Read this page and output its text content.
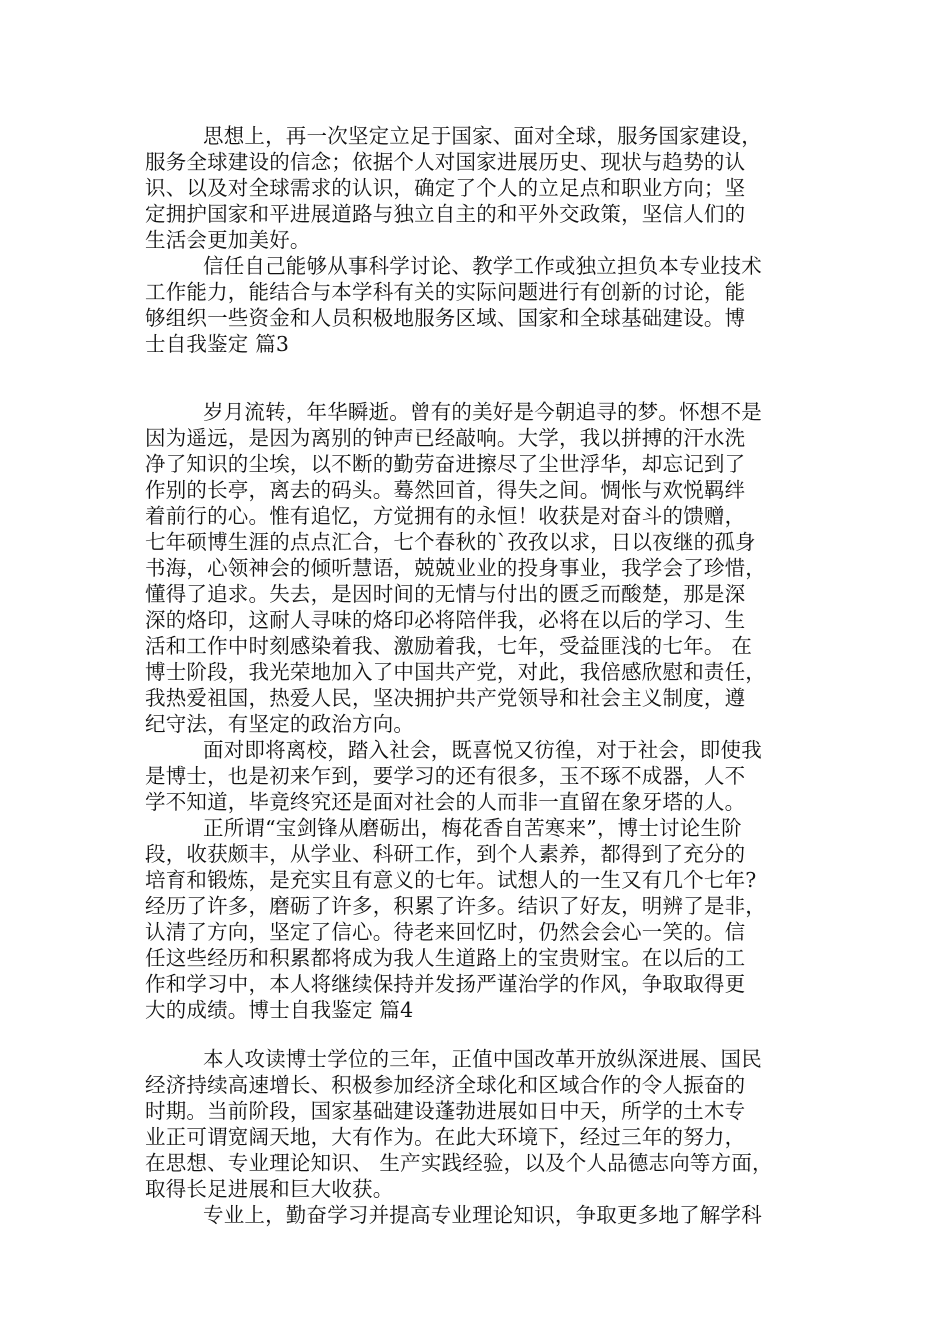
思想上，再一次坚定立足于国家、面对全球，服务国家建设，
服务全球建设的信念；依据个人对国家进展历史、现状与趋势的认
识、以及对全球需求的认识，确定了个人的立足点和职业方向；坚
定拥护国家和平进展道路与独立自主的和平外交政策，坚信人们的
生活会更加美好。
信任自己能够从事科学讨论、教学工作或独立担负本专业技术
工作能力，能结合与本学科有关的实际问题进行有创新的讨论，能
够组织一些资金和人员积极地服务区域、国家和全球基础建设。博
士自我鉴定 篇3
岁月流转，年华瞬逝。曾有的美好是今朝追寻的梦。怀想不是
因为遥远，是因为离别的钟声已经敲响。大学，我以拼搏的汗水洗
净了知识的尘埃，以不断的勤劳奋进擦尽了尘世浮华，却忘记到了
作别的长亭，离去的码头。蓦然回首，得失之间。惆怅与欢悦羁绊
着前行的心。惟有追忆，方觉拥有的永恒！收获是对奋斗的馈赠，
七年硕博生涯的点点汇合，七个春秋的`孜孜以求，日以夜继的孤身
书海，心领神会的倾听慧语，兢兢业业的投身事业，我学会了珍惜，
懂得了追求。失去，是因时间的无情与付出的匮乏而酸楚，那是深
深的烙印，这耐人寻味的烙印必将陪伴我，必将在以后的学习、生
活和工作中时刻感染着我、激励着我，七年，受益匪浅的七年。 在
博士阶段，我光荣地加入了中国共产党，对此，我倍感欣慰和责任，
我热爱祖国，热爱人民，坚决拥护共产党领导和社会主义制度，遵
纪守法，有坚定的政治方向。
面对即将离校，踏入社会，既喜悦又彷徨，对于社会，即使我
是博士，也是初来乍到，要学习的还有很多，玉不琢不成器，人不
学不知道，毕竟终究还是面对社会的人而非一直留在象牙塔的人。
正所谓“宝剑锋从磨砺出，梅花香自苦寒来”，博士讨论生阶
段，收获颇丰，从学业、科研工作，到个人素养，都得到了充分的
培育和锻炼，是充实且有意义的七年。试想人的一生又有几个七年?
经历了许多，磨砺了许多，积累了许多。结识了好友，明辨了是非，
认清了方向，坚定了信心。待老来回忆时，仍然会会心一笑的。信
任这些经历和积累都将成为我人生道路上的宝贵财宝。在以后的工
作和学习中，本人将继续保持并发扬严谨治学的作风，争取取得更
大的成绩。博士自我鉴定 篇4
本人攻读博士学位的三年，正值中国改革开放纵深进展、国民
经济持续高速增长、积极参加经济全球化和区域合作的令人振奋的
时期。当前阶段，国家基础建设蓬勃进展如日中天，所学的土木专
业正可谓宽阔天地，大有作为。在此大环境下，经过三年的努力，
在思想、专业理论知识、 生产实践经验，以及个人品德志向等方面，
取得长足进展和巨大收获。
专业上，勤奋学习并提高专业理论知识，争取更多地了解学科
